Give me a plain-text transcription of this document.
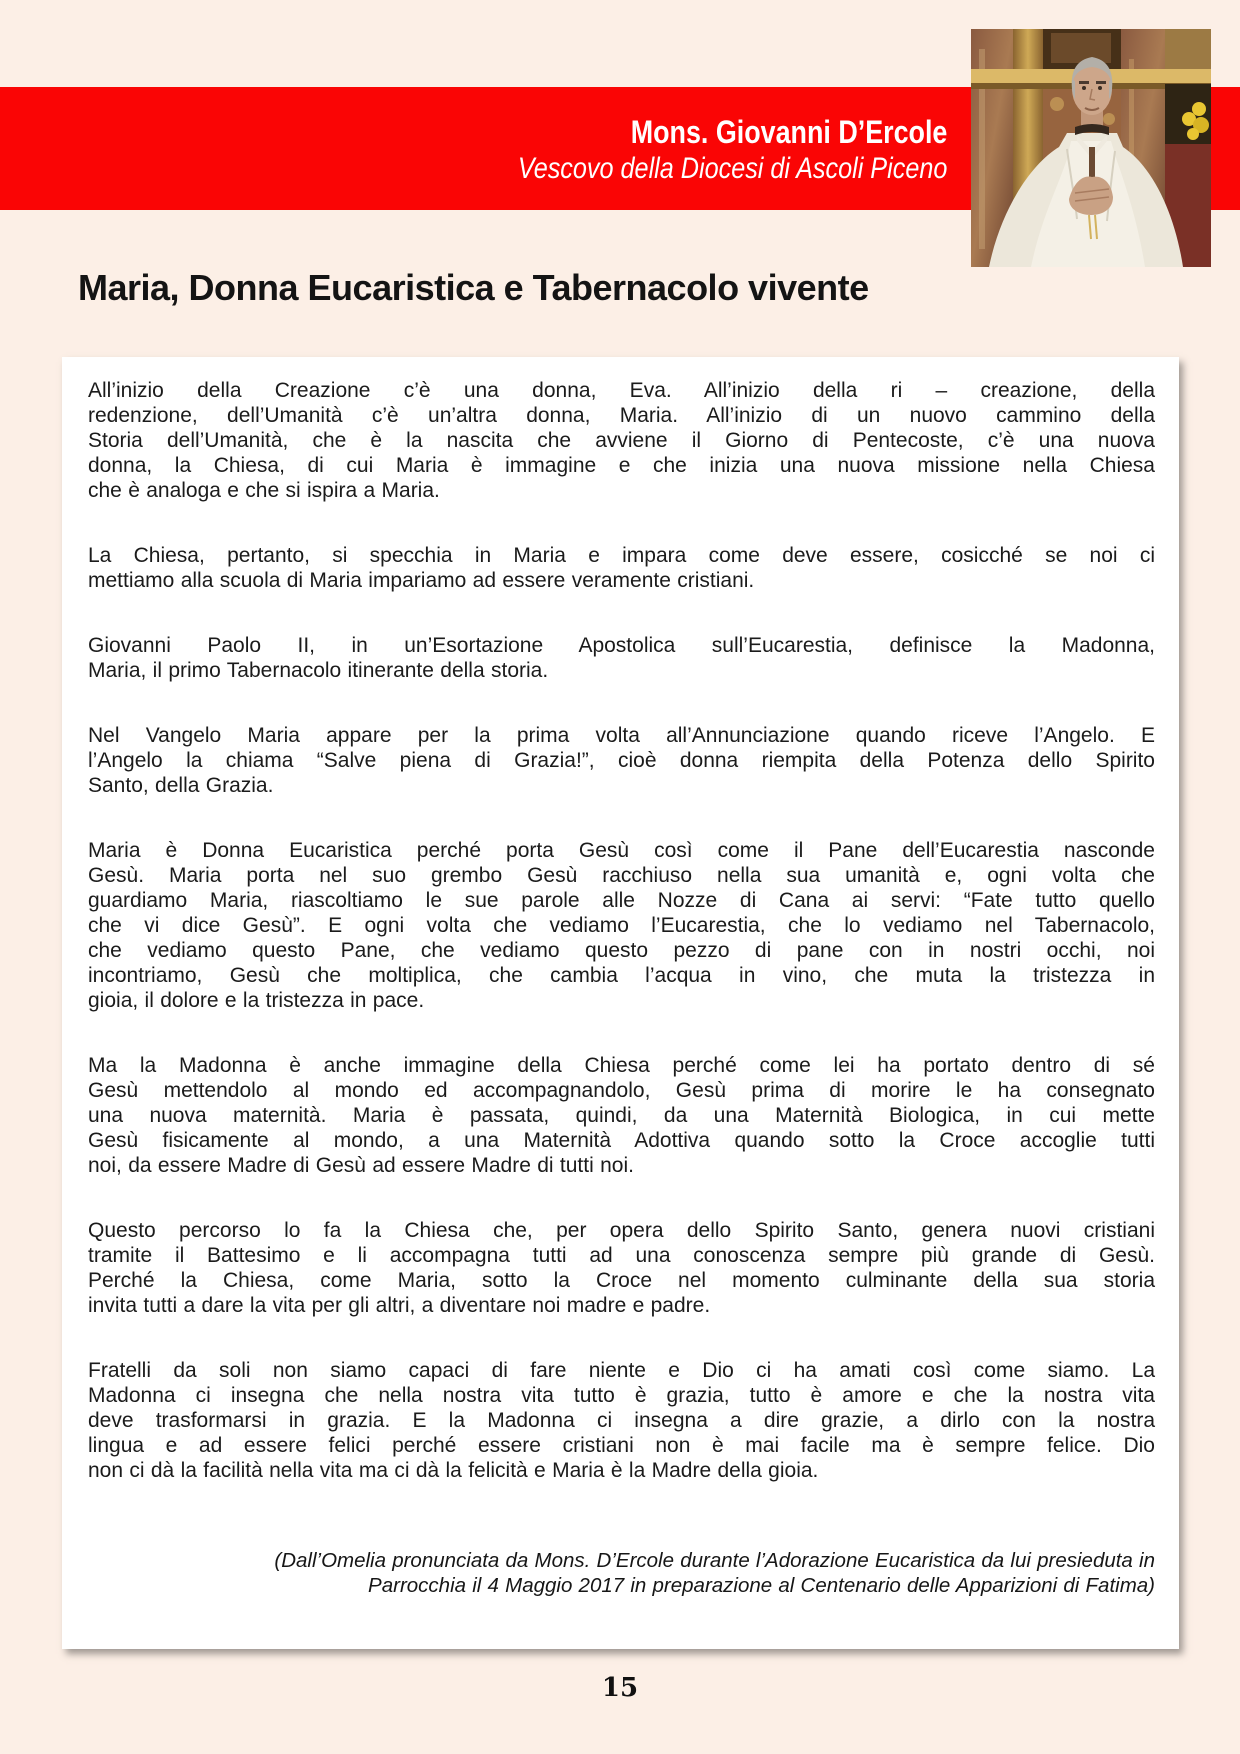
Mons. Giovanni D’Ercole
Vescovo della Diocesi di Ascoli Piceno
Maria, Donna Eucaristica e Tabernacolo vivente
All’inizio della Creazione c’è una donna, Eva. All’inizio della ri – creazione, della
redenzione, dell’Umanità c’è un’altra donna, Maria. All’inizio di un nuovo cammino della
Storia dell’Umanità, che è la nascita che avviene il Giorno di Pentecoste, c’è una nuova
donna, la Chiesa, di cui Maria è immagine e che inizia una nuova missione nella Chiesa
che è analoga e che si ispira a Maria.
La Chiesa, pertanto, si specchia in Maria e impara come deve essere, cosicché se noi ci
mettiamo alla scuola di Maria impariamo ad essere veramente cristiani.
Giovanni Paolo II, in un’Esortazione Apostolica sull’Eucarestia, definisce la Madonna,
Maria, il primo Tabernacolo itinerante della storia.
Nel Vangelo Maria appare per la prima volta all’Annunciazione quando riceve l’Angelo. E
l’Angelo la chiama “Salve piena di Grazia!”, cioè donna riempita della Potenza dello Spirito
Santo, della Grazia.
Maria è Donna Eucaristica perché porta Gesù così come il Pane dell’Eucarestia nasconde
Gesù. Maria porta nel suo grembo Gesù racchiuso nella sua umanità e, ogni volta che
guardiamo Maria, riascoltiamo le sue parole alle Nozze di Cana ai servi: “Fate tutto quello
che vi dice Gesù”. E ogni volta che vediamo l’Eucarestia, che lo vediamo nel Tabernacolo,
che vediamo questo Pane, che vediamo questo pezzo di pane con in nostri occhi, noi
incontriamo, Gesù che moltiplica, che cambia l’acqua in vino, che muta la tristezza in
gioia, il dolore e la tristezza in pace.
Ma la Madonna è anche immagine della Chiesa perché come lei ha portato dentro di sé
Gesù mettendolo al mondo ed accompagnandolo, Gesù prima di morire le ha consegnato
una nuova maternità. Maria è passata, quindi, da una Maternità Biologica, in cui mette
Gesù fisicamente al mondo, a una Maternità Adottiva quando sotto la Croce accoglie tutti
noi, da essere Madre di Gesù ad essere Madre di tutti noi.
Questo percorso lo fa la Chiesa che, per opera dello Spirito Santo, genera nuovi cristiani
tramite il Battesimo e li accompagna tutti ad una conoscenza sempre più grande di Gesù.
Perché la Chiesa, come Maria, sotto la Croce nel momento culminante della sua storia
invita tutti a dare la vita per gli altri, a diventare noi madre e padre.
Fratelli da soli non siamo capaci di fare niente e Dio ci ha amati così come siamo. La
Madonna ci insegna che nella nostra vita tutto è grazia, tutto è amore e che la nostra vita
deve trasformarsi in grazia. E la Madonna ci insegna a dire grazie, a dirlo con la nostra
lingua e ad essere felici perché essere cristiani non è mai facile ma è sempre felice. Dio
non ci dà la facilità nella vita ma ci dà la felicità e Maria è la Madre della gioia.
(Dall’Omelia pronunciata da Mons. D’Ercole durante l’Adorazione Eucaristica da lui presieduta in
Parrocchia il 4 Maggio 2017 in preparazione al Centenario delle Apparizioni di Fatima)
15
